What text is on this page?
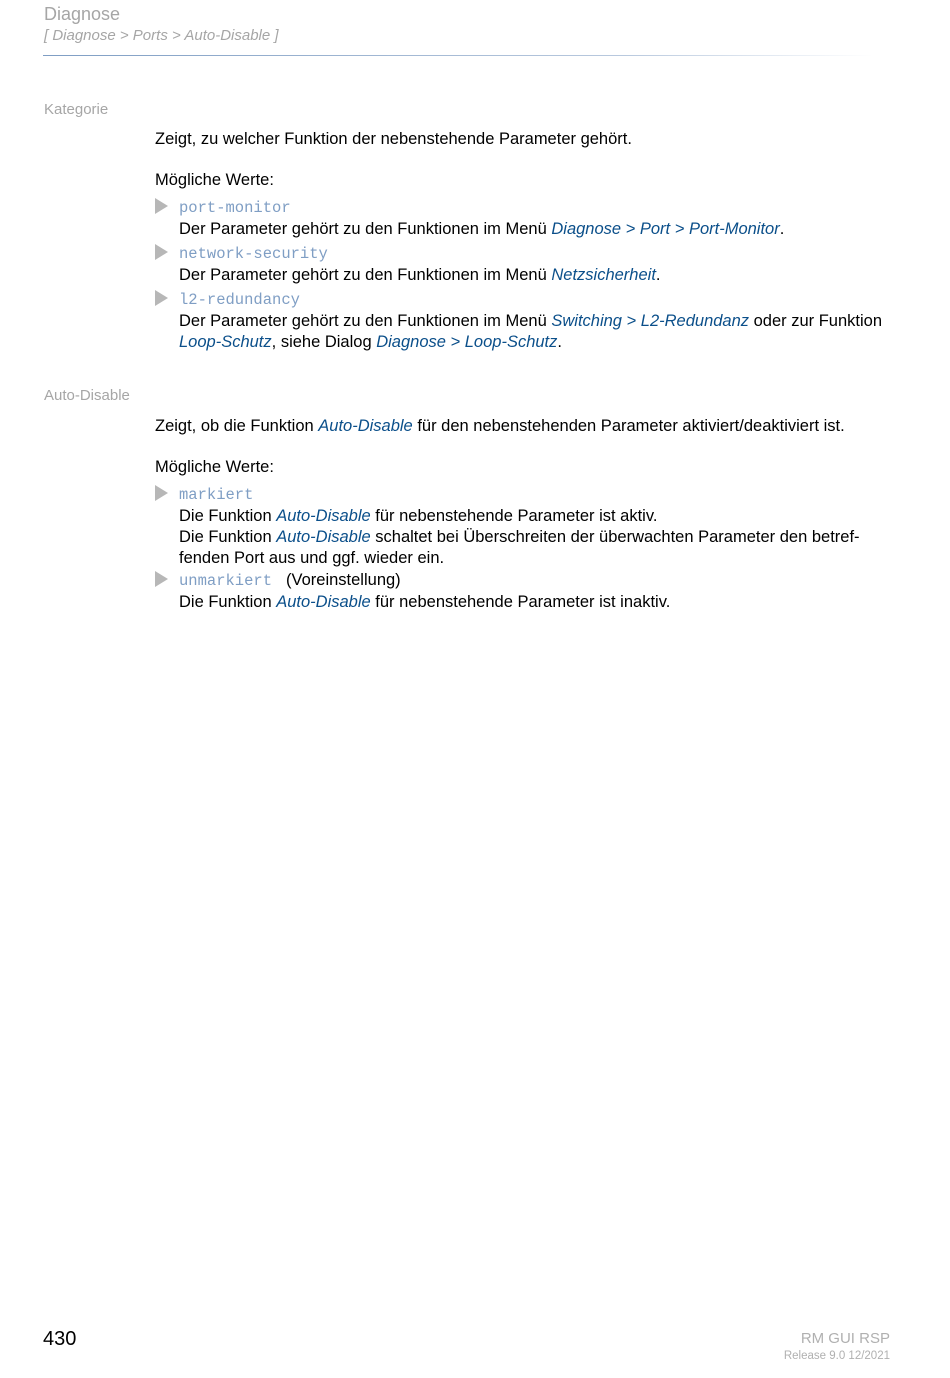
Diagnose
[ Diagnose > Ports > Auto-Disable ]
Kategorie
Zeigt, zu welcher Funktion der nebenstehende Parameter gehört.
Mögliche Werte:
port-monitor
Der Parameter gehört zu den Funktionen im Menü Diagnose > Port > Port-Monitor.
network-security
Der Parameter gehört zu den Funktionen im Menü Netzsicherheit.
l2-redundancy
Der Parameter gehört zu den Funktionen im Menü Switching > L2-Redundanz oder zur Funktion Loop-Schutz, siehe Dialog Diagnose > Loop-Schutz.
Auto-Disable
Zeigt, ob die Funktion Auto-Disable für den nebenstehenden Parameter aktiviert/deaktiviert ist.
Mögliche Werte:
markiert
Die Funktion Auto-Disable für nebenstehende Parameter ist aktiv.
Die Funktion Auto-Disable schaltet bei Überschreiten der überwachten Parameter den betref-fenden Port aus und ggf. wieder ein.
unmarkiert (Voreinstellung)
Die Funktion Auto-Disable für nebenstehende Parameter ist inaktiv.
430	RM GUI RSP
Release 9.0 12/2021
